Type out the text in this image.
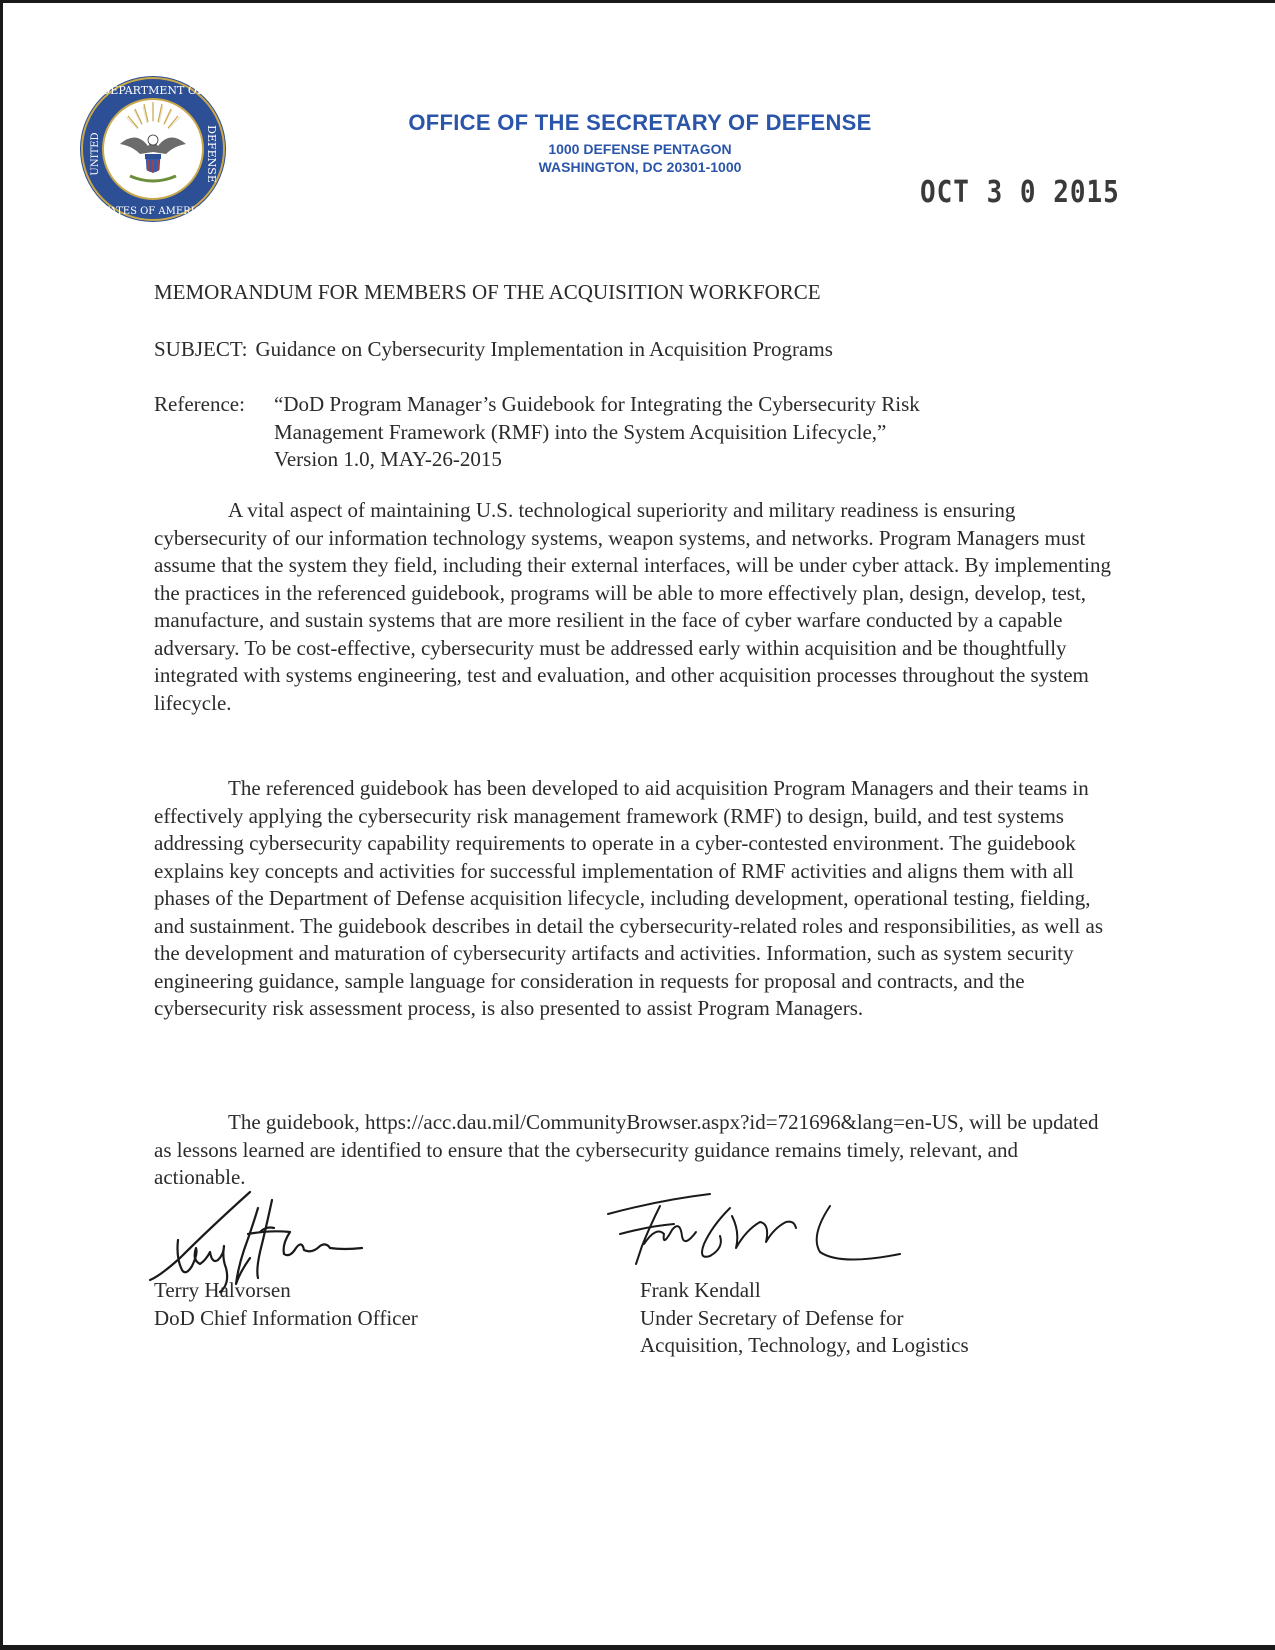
DEPARTMENT OF
DEFENSE
STATES OF AMERICA
UNITED
OFFICE OF THE SECRETARY OF DEFENSE
1000 DEFENSE PENTAGON
WASHINGTON, DC 20301-1000
OCT 3 0 2015
MEMORANDUM FOR MEMBERS OF THE ACQUISITION WORKFORCE
SUBJECT: Guidance on Cybersecurity Implementation in Acquisition Programs
Reference:	“DoD Program Manager’s Guidebook for Integrating the Cybersecurity Risk
Management Framework (RMF) into the System Acquisition Lifecycle,”
Version 1.0, MAY-26-2015

A vital aspect of maintaining U.S. technological superiority and military readiness is ensuring cybersecurity of our information technology systems, weapon systems, and networks. Program Managers must assume that the system they field, including their external interfaces, will be under cyber attack. By implementing the practices in the referenced guidebook, programs will be able to more effectively plan, design, develop, test, manufacture, and sustain systems that are more resilient in the face of cyber warfare conducted by a capable adversary. To be cost-effective, cybersecurity must be addressed early within acquisition and be thoughtfully integrated with systems engineering, test and evaluation, and other acquisition processes throughout the system lifecycle.

The referenced guidebook has been developed to aid acquisition Program Managers and their teams in effectively applying the cybersecurity risk management framework (RMF) to design, build, and test systems addressing cybersecurity capability requirements to operate in a cyber-contested environment. The guidebook explains key concepts and activities for successful implementation of RMF activities and aligns them with all phases of the Department of Defense acquisition lifecycle, including development, operational testing, fielding, and sustainment. The guidebook describes in detail the cybersecurity-related roles and responsibilities, as well as the development and maturation of cybersecurity artifacts and activities. Information, such as system security engineering guidance, sample language for consideration in requests for proposal and contracts, and the cybersecurity risk assessment process, is also presented to assist Program Managers.

The guidebook, https://acc.dau.mil/CommunityBrowser.aspx?id=721696&lang=en-US, will be updated as lessons learned are identified to ensure that the cybersecurity guidance remains timely, relevant, and actionable.

Terry Halvorsen
DoD Chief Information Officer
Frank Kendall
Under Secretary of Defense for
Acquisition, Technology, and Logistics
